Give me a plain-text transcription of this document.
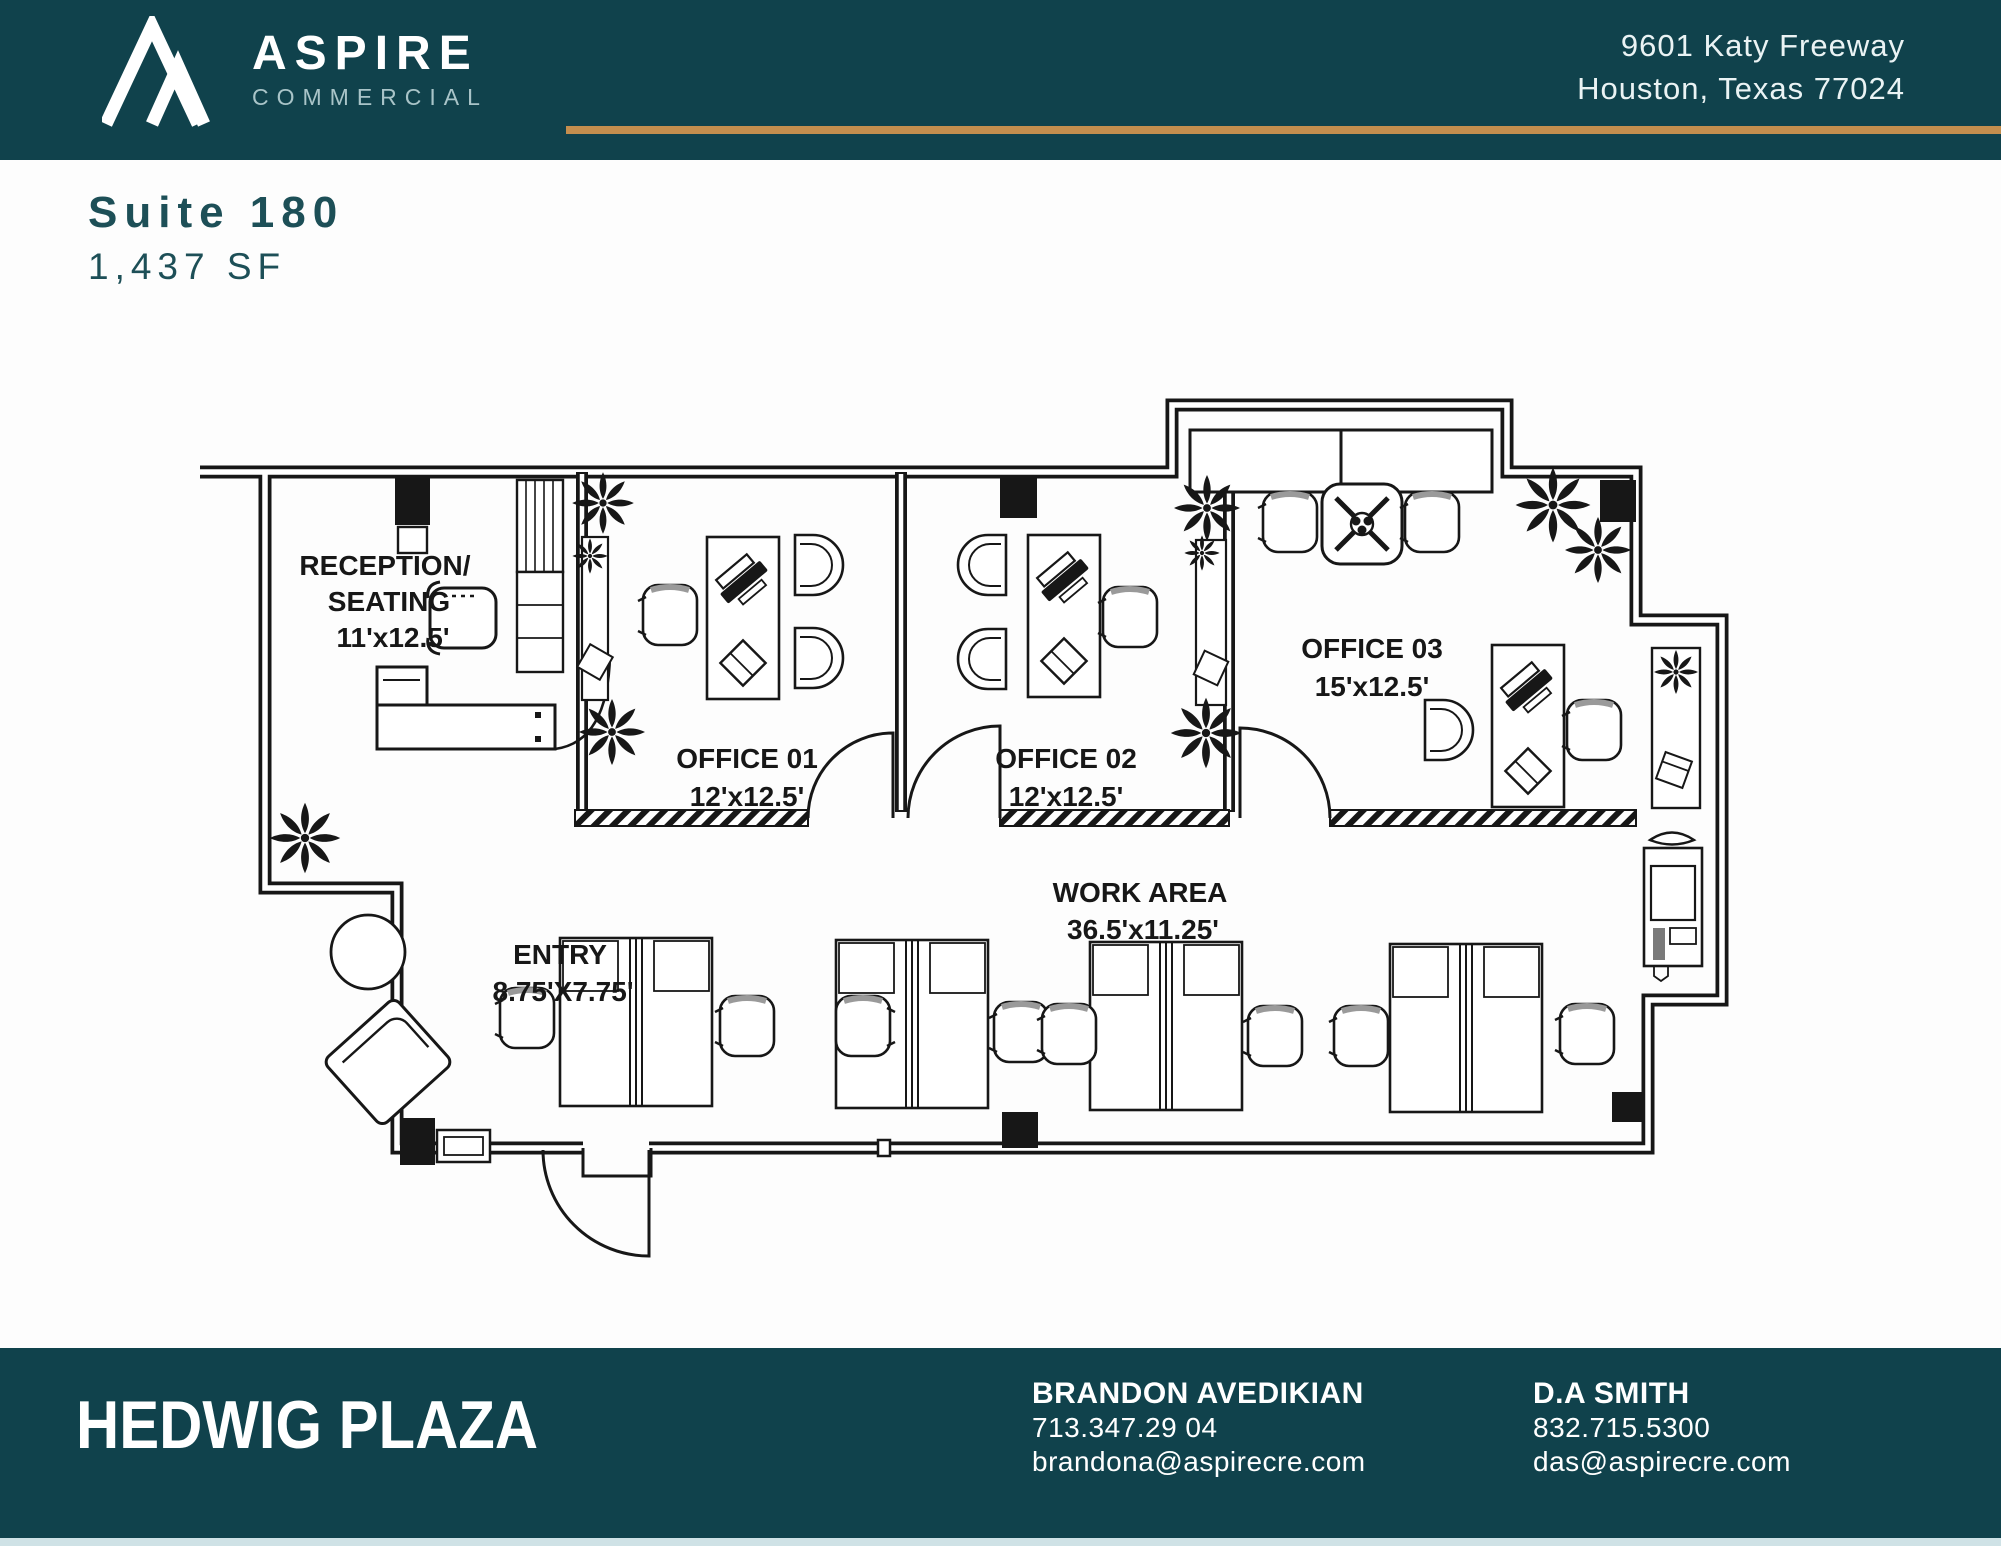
ASPIRE
COMMERCIAL
9601 Katy Freeway
Houston, Texas 77024
Suite 180
1,437 SF
RECEPTION/
SEATING
11'x12.5'
OFFICE 01
12'x12.5'
OFFICE 02
12'x12.5'
OFFICE 03
15'x12.5'
WORK AREA
36.5'x11.25'
ENTRY
8.75'X7.75'
HEDWIG PLAZA	BRANDON AVEDIKIAN
713.347.29 04
brandona@aspirecre.com
D.A SMITH
832.715.5300
das@aspirecre.com
